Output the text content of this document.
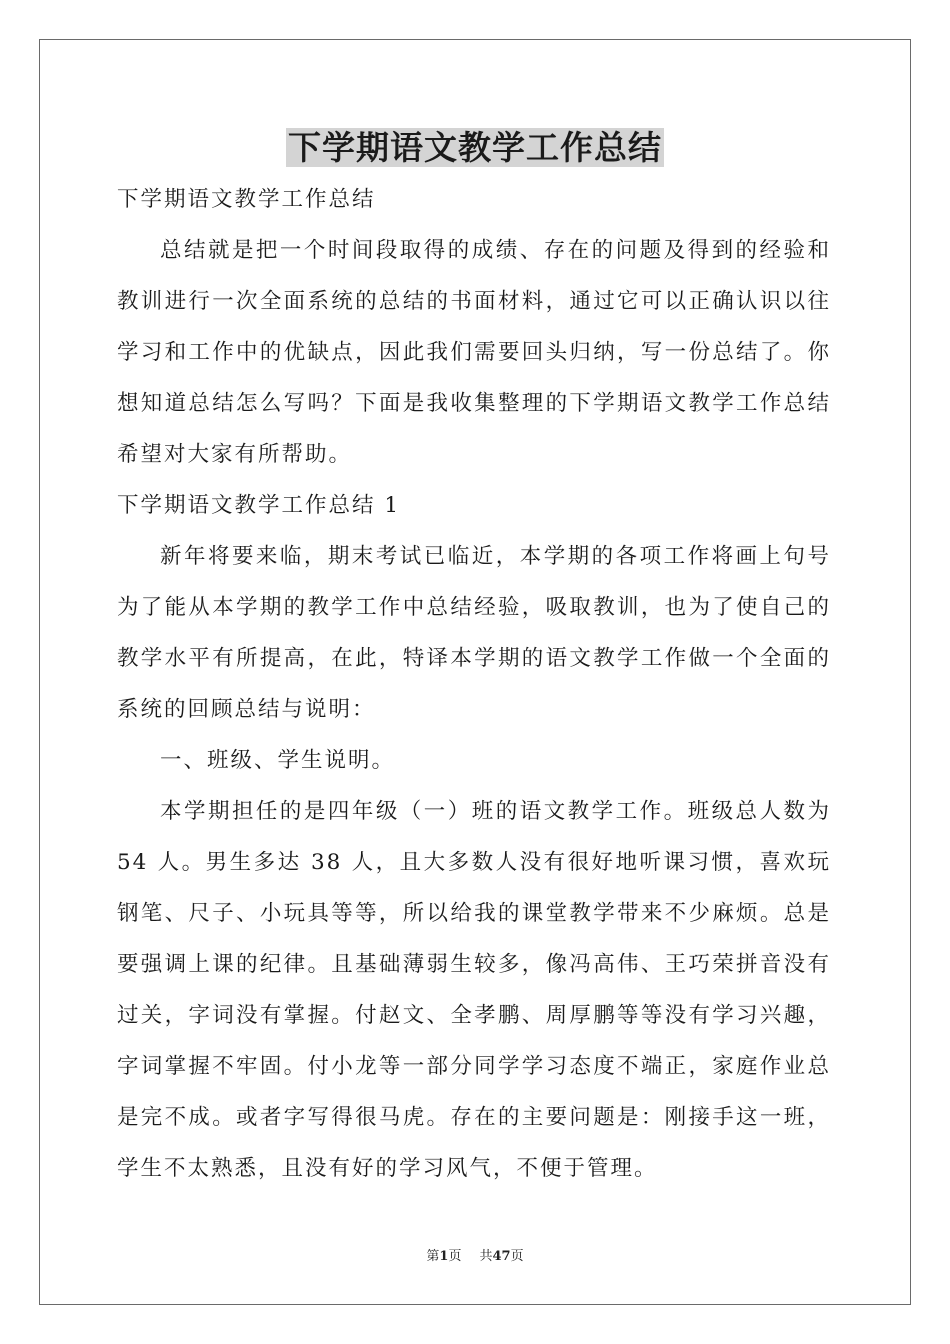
下学期语文教学工作总结

下学期语文教学工作总结

总结就是把一个时间段取得的成绩、存在的问题及得到的经验和教训进行一次全面系统的总结的书面材料，通过它可以正确认识以往学习和工作中的优缺点，因此我们需要回头归纳，写一份总结了。你想知道总结怎么写吗？下面是我收集整理的下学期语文教学工作总结希望对大家有所帮助。

下学期语文教学工作总结 1

新年将要来临，期末考试已临近，本学期的各项工作将画上句号为了能从本学期的教学工作中总结经验，吸取教训，也为了使自己的教学水平有所提高，在此，特译本学期的语文教学工作做一个全面的系统的回顾总结与说明：

一、班级、学生说明。

本学期担任的是四年级（一）班的语文教学工作。班级总人数为 54 人。男生多达 38 人，且大多数人没有很好地听课习惯，喜欢玩钢笔、尺子、小玩具等等，所以给我的课堂教学带来不少麻烦。总是要强调上课的纪律。且基础薄弱生较多，像冯高伟、王巧荣拼音没有过关，字词没有掌握。付赵文、全孝鹏、周厚鹏等等没有学习兴趣，字词掌握不牢固。付小龙等一部分同学学习态度不端正，家庭作业总是完不成。或者字写得很马虎。存在的主要问题是：刚接手这一班，学生不太熟悉，且没有好的学习风气，不便于管理。

第1页 共47页
